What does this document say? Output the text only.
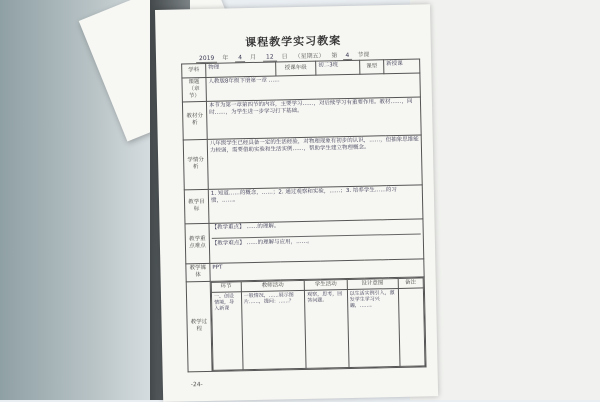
课程教学实习教案
2019 年 4 月 12 日 （星期五） 第 4 节课
学科	物理	授课年级	初二3班	课型	新授课
课题（章节）	人教版8年级下册第一章 ……
教材分析	本节为第一章第四节的内容，主要学习……，对后续学习有重要作用。教材……，同时……，为学生进一步学习打下基础。
学情分析	八年级学生已经具备一定的生活经验，对物理现象有初步的认识，……，但抽象思维能力较弱，需要借助实验和生活实例……，帮助学生建立物理概念。
教学目标	1. 知道……的概念，……；2. 通过观察和实验，……；3. 培养学生……的习惯，……。
教学重点难点	
【教学重点】 ……的理解。
【教学难点】 ……的理解与应用，……。

教学媒体	PPT
教学过程	
环节	教师活动	学生活动	设计意图	备注
一、创设情境，导入新课	一般情况，……展示图片……，提问：……？	观察，思考，回答问题。	以生活实例引入，激发学生学习兴趣，……。	
-24-
